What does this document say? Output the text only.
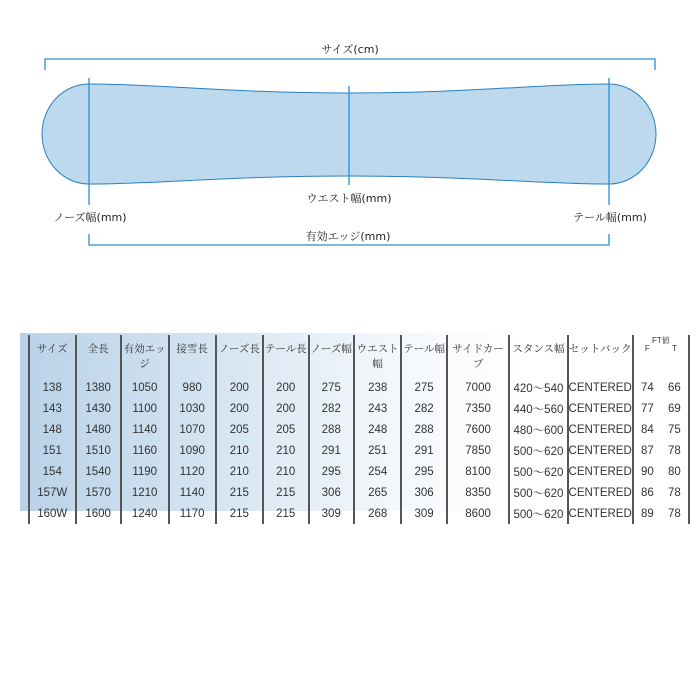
サイズ(cm)
ウエスト幅(mm)
ノーズ幅(mm)	テール幅(mm)
有効エッジ(mm)
サイズ	全長	有効エッジ	接雪長	ノーズ長	テール長	ノーズ幅	ウエスト幅	テール幅	サイドカーブ	スタンス幅	セットバック	FT値
F T

138	1380	1050	980	200	200	275	238	275	7000	420～540	CENTERED	74 66

143	1430	1100	1030	200	200	282	243	282	7350	440～560	CENTERED	77 69

148	1480	1140	1070	205	205	288	248	288	7600	480～600	CENTERED	84 75

151	1510	1160	1090	210	210	291	251	291	7850	500～620	CENTERED	87 78

154	1540	1190	1120	210	210	295	254	295	8100	500～620	CENTERED	90 80

157W	1570	1210	1140	215	215	306	265	306	8350	500～620	CENTERED	86 78

160W	1600	1240	1170	215	215	309	268	309	8600	500～620	CENTERED	89 78
